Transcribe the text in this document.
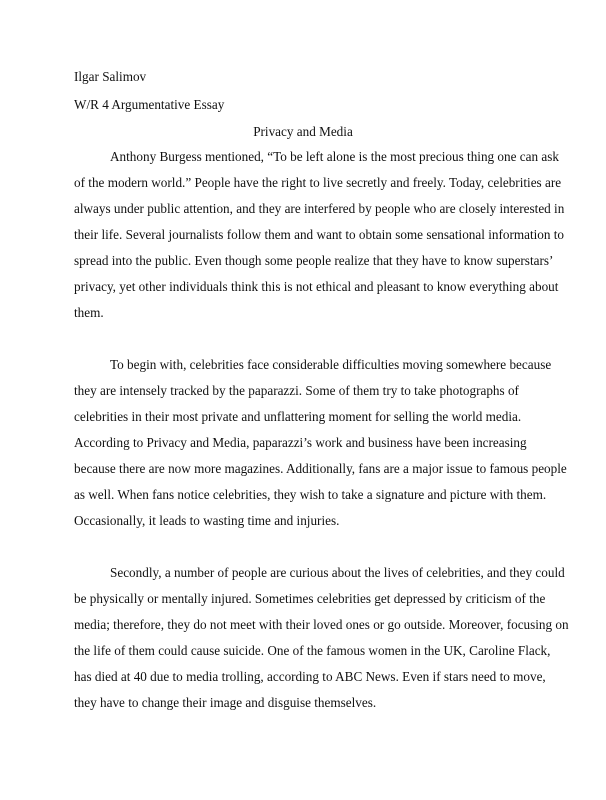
Ilgar Salimov
W/R 4 Argumentative Essay
Privacy and Media
Anthony Burgess mentioned, “To be left alone is the most precious thing one can ask
of the modern world.” People have the right to live secretly and freely. Today, celebrities are
always under public attention, and they are interfered by people who are closely interested in
their life. Several journalists follow them and want to obtain some sensational information to
spread into the public. Even though some people realize that they have to know superstars’
privacy, yet other individuals think this is not ethical and pleasant to know everything about
them.
To begin with, celebrities face considerable difficulties moving somewhere because
they are intensely tracked by the paparazzi. Some of them try to take photographs of
celebrities in their most private and unflattering moment for selling the world media.
According to Privacy and Media, paparazzi’s work and business have been increasing
because there are now more magazines. Additionally, fans are a major issue to famous people
as well. When fans notice celebrities, they wish to take a signature and picture with them.
Occasionally, it leads to wasting time and injuries.
Secondly, a number of people are curious about the lives of celebrities, and they could
be physically or mentally injured. Sometimes celebrities get depressed by criticism of the
media; therefore, they do not meet with their loved ones or go outside. Moreover, focusing on
the life of them could cause suicide. One of the famous women in the UK, Caroline Flack,
has died at 40 due to media trolling, according to ABC News. Even if stars need to move,
they have to change their image and disguise themselves.
